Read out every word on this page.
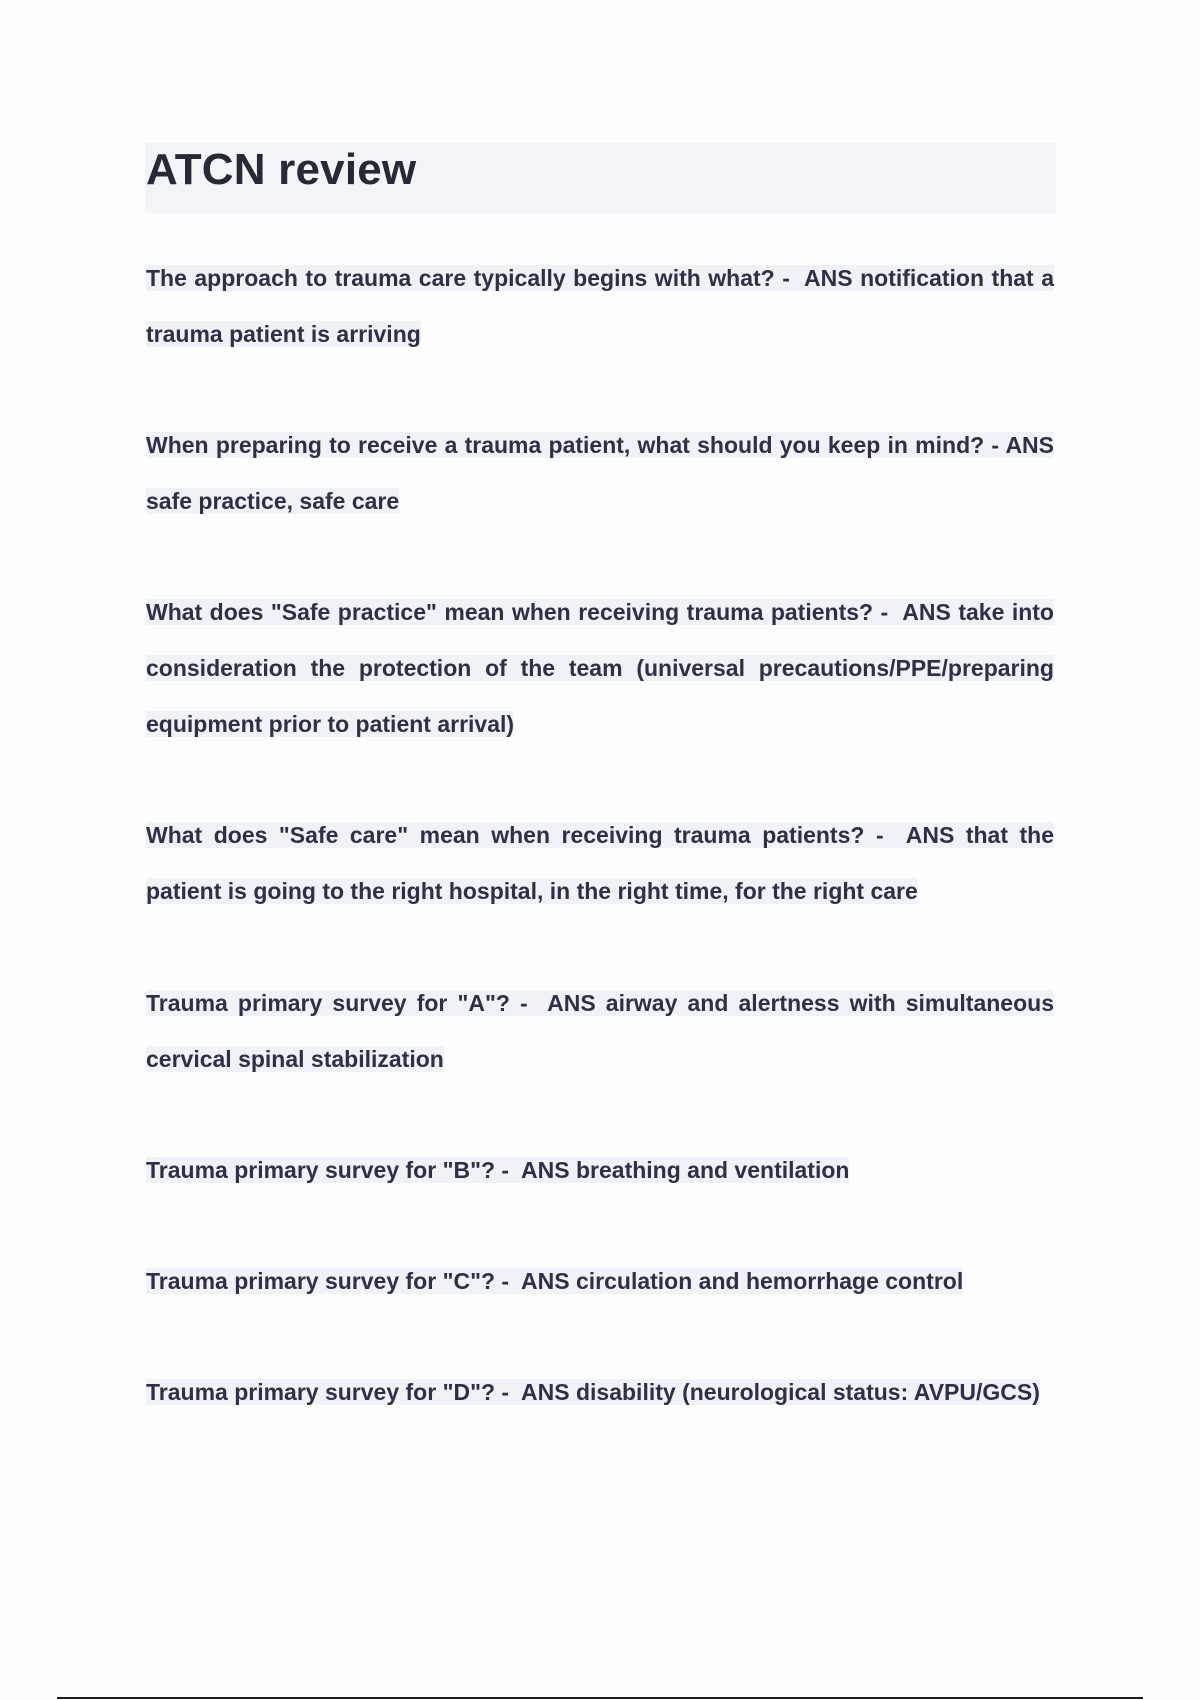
ATCN review

The approach to trauma care typically begins with what? - ANS notification that a trauma patient is arriving

When preparing to receive a trauma patient, what should you keep in mind? - ANS safe practice, safe care

What does "Safe practice" mean when receiving trauma patients? - ANS take into consideration the protection of the team (universal precautions/PPE/preparing equipment prior to patient arrival)

What does "Safe care" mean when receiving trauma patients? - ANS that the patient is going to the right hospital, in the right time, for the right care

Trauma primary survey for "A"? - ANS airway and alertness with simultaneous cervical spinal stabilization

Trauma primary survey for "B"? - ANS breathing and ventilation

Trauma primary survey for "C"? - ANS circulation and hemorrhage control

Trauma primary survey for "D"? - ANS disability (neurological status: AVPU/GCS)
